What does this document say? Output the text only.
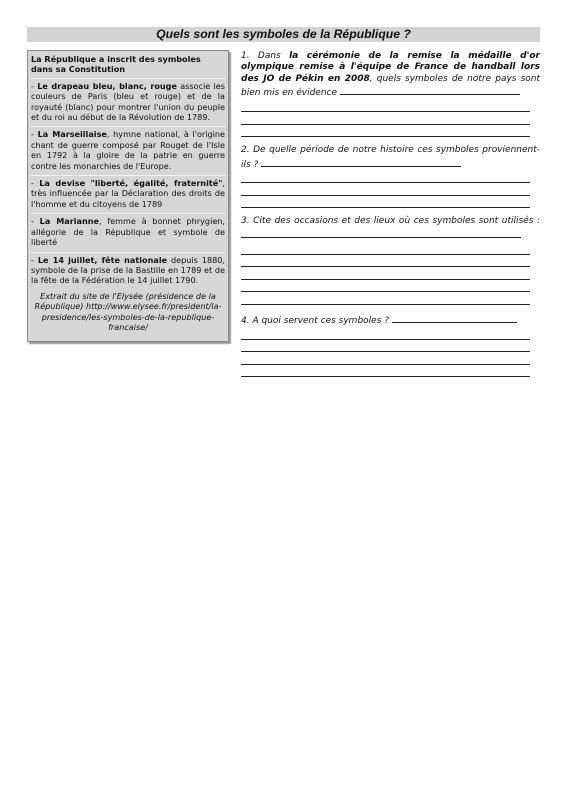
Quels sont les symboles de la République ?

La République a inscrit des symboles dans sa Constitution

- Le drapeau bleu, blanc, rouge associe les couleurs de Paris (bleu et rouge) et de la royauté (blanc) pour montrer l'union du peuple et du roi au début de la Révolution de 1789.

- La Marseillaise, hymne national, à l'origine chant de guerre composé par Rouget de l'Isle en 1792 à la gloire de la patrie en guerre contre les monarchies de l'Europe.

- La devise "liberté, égalité, fraternité", très influencée par la Déclaration des droits de l'homme et du citoyens de 1789

- La Marianne, femme à bonnet phrygien, allégorie de la République et symbole de liberté

- Le 14 juillet, fête nationale depuis 1880, symbole de la prise de la Bastille en 1789 et de la fête de la Fédération le 14 juillet 1790.

Extrait du site de l'Elysée (présidence de la République) http://www.elysee.fr/president/la-presidence/les-symboles-de-la-republique-francaise/

1. Dans la cérémonie de la remise la médaille d'or olympique remise à l'équipe de France de handball lors des JO de Pékin en 2008, quels symboles de notre pays sont bien mis en évidence

2. De quelle période de notre histoire ces symboles proviennent-ils ?

3. Cite des occasions et des lieux où ces symboles sont utilisés :

4. A quoi servent ces symboles ?
